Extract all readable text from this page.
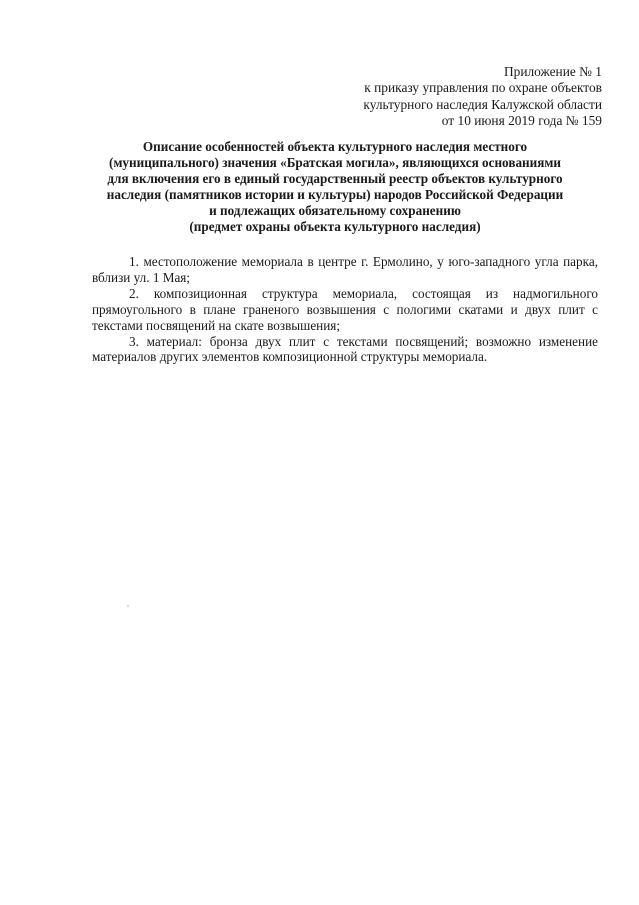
Приложение № 1
к приказу управления по охране объектов
культурного наследия Калужской области
от 10 июня 2019 года № 159
Описание особенностей объекта культурного наследия местного
(муниципального) значения «Братская могила», являющихся основаниями
для включения его в единый государственный реестр объектов культурного
наследия (памятников истории и культуры) народов Российской Федерации
и подлежащих обязательному сохранению
(предмет охраны объекта культурного наследия)

1. местоположение мемориала в центре г. Ермолино, у юго-западного угла парка, вблизи ул. 1 Мая;

2. композиционная структура мемориала, состоящая из надмогильного прямоугольного в плане граненого возвышения с пологими скатами и двух плит с текстами посвящений на скате возвышения;

3. материал: бронза двух плит с текстами посвящений; возможно изменение материалов других элементов композиционной структуры мемориала.
